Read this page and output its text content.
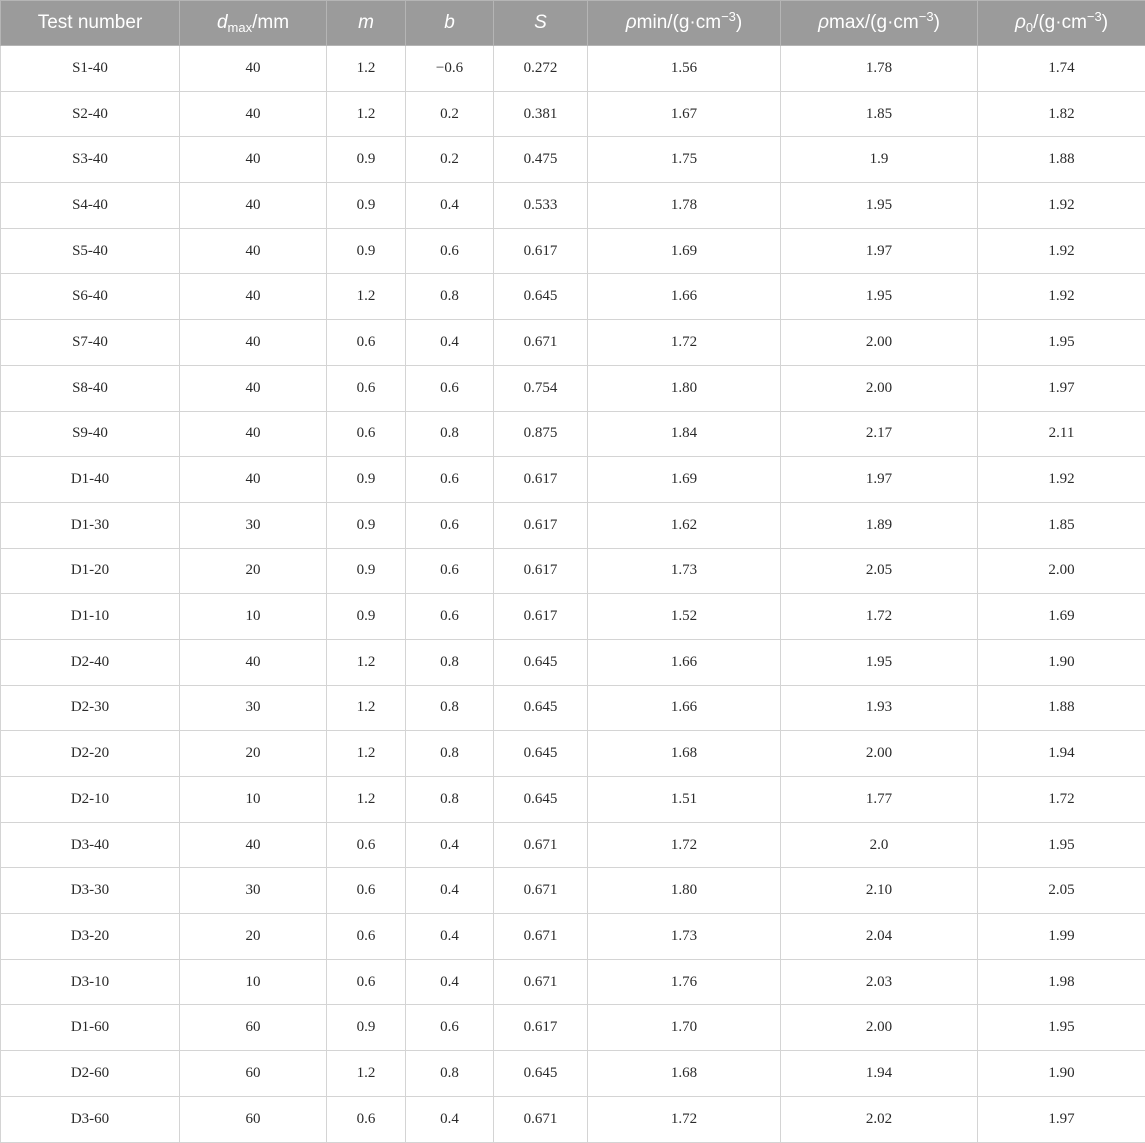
Test number	$d_{max}/mm$	m	b	S	ρmin/$(g\cdot cm^{-3})$	ρmax/$(g\cdot cm^{-3})$	$\rho_0/(g\cdot cm^{-3})$
S1-40	40	1.2	−0.6	0.272	1.56	1.78	1.74
S2-40	40	1.2	0.2	0.381	1.67	1.85	1.82
S3-40	40	0.9	0.2	0.475	1.75	1.9	1.88
S4-40	40	0.9	0.4	0.533	1.78	1.95	1.92
S5-40	40	0.9	0.6	0.617	1.69	1.97	1.92
S6-40	40	1.2	0.8	0.645	1.66	1.95	1.92
S7-40	40	0.6	0.4	0.671	1.72	2.00	1.95
S8-40	40	0.6	0.6	0.754	1.80	2.00	1.97
S9-40	40	0.6	0.8	0.875	1.84	2.17	2.11
D1-40	40	0.9	0.6	0.617	1.69	1.97	1.92
D1-30	30	0.9	0.6	0.617	1.62	1.89	1.85
D1-20	20	0.9	0.6	0.617	1.73	2.05	2.00
D1-10	10	0.9	0.6	0.617	1.52	1.72	1.69
D2-40	40	1.2	0.8	0.645	1.66	1.95	1.90
D2-30	30	1.2	0.8	0.645	1.66	1.93	1.88
D2-20	20	1.2	0.8	0.645	1.68	2.00	1.94
D2-10	10	1.2	0.8	0.645	1.51	1.77	1.72
D3-40	40	0.6	0.4	0.671	1.72	2.0	1.95
D3-30	30	0.6	0.4	0.671	1.80	2.10	2.05
D3-20	20	0.6	0.4	0.671	1.73	2.04	1.99
D3-10	10	0.6	0.4	0.671	1.76	2.03	1.98
D1-60	60	0.9	0.6	0.617	1.70	2.00	1.95
D2-60	60	1.2	0.8	0.645	1.68	1.94	1.90
D3-60	60	0.6	0.4	0.671	1.72	2.02	1.97
